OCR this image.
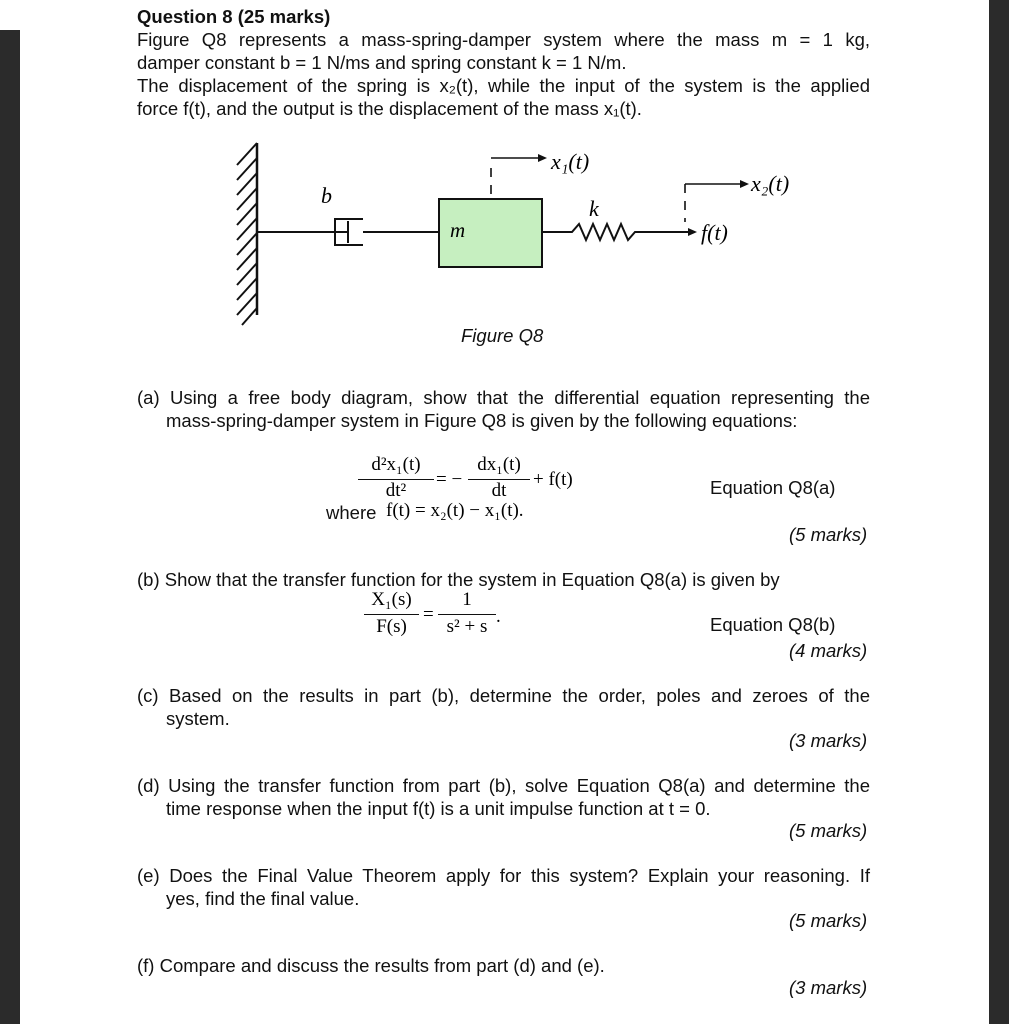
Question 8 (25 marks)
Figure Q8 represents a mass-spring-damper system where the mass m = 1 kg,
damper constant b = 1 N/ms and spring constant k = 1 N/m.
The displacement of the spring is x₂(t), while the input of the system is the applied
force f(t), and the output is the displacement of the mass x₁(t).
b
m
k
x₁(t)
x₂(t)
f(t)
Figure Q8
(a) Using a free body diagram, show that the differential equation representing the
mass-spring-damper system in Figure Q8 is given by the following equations:
d²x₁(t)
dt²
= −
dx₁(t)
dt
+ f(t)	Equation Q8(a)
where f(t) = x₂(t) − x₁(t).
(5 marks)
(b) Show that the transfer function for the system in Equation Q8(a) is given by
X₁(s)
F(s)
=
1
s² + s .	Equation Q8(b)
(4 marks)
(c) Based on the results in part (b), determine the order, poles and zeroes of the
system.
(3 marks)
(d) Using the transfer function from part (b), solve Equation Q8(a) and determine the
time response when the input f(t) is a unit impulse function at t = 0.
(5 marks)
(e) Does the Final Value Theorem apply for this system? Explain your reasoning. If
yes, find the final value.
(5 marks)
(f) Compare and discuss the results from part (d) and (e).
(3 marks)
